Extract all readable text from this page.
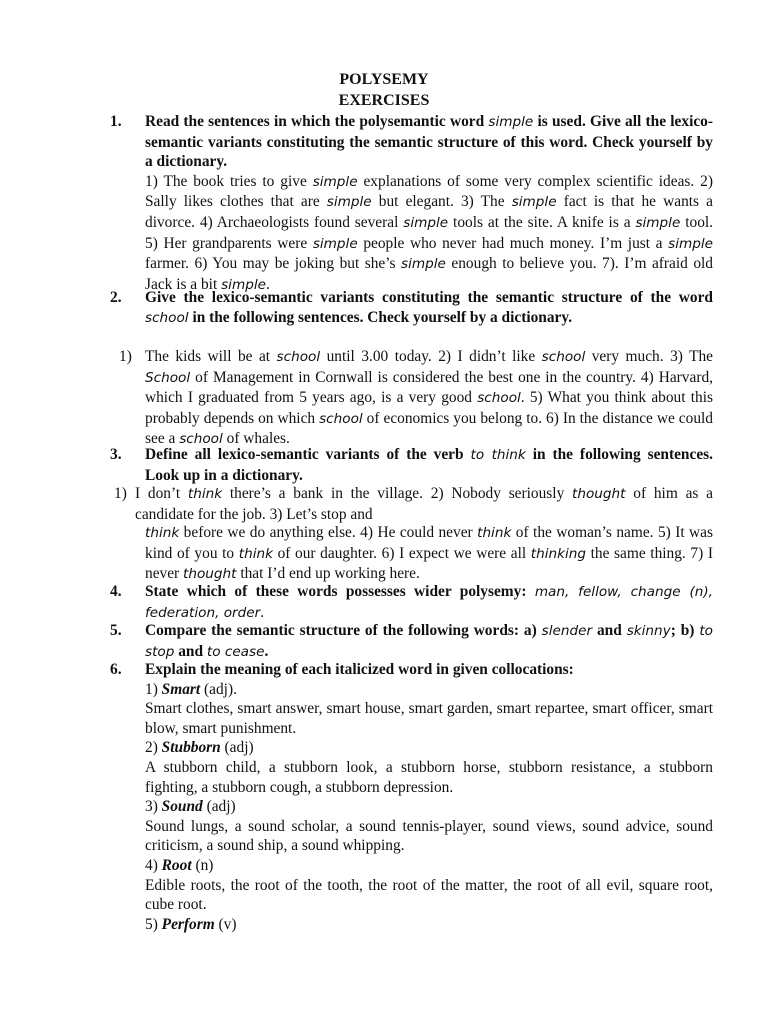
POLYSEMY
EXERCISES
1. Read the sentences in which the polysemantic word simple is used. Give all the lexico-semantic variants constituting the semantic structure of this word. Check yourself by a dictionary.

1) The book tries to give simple explanations of some very complex scientific ideas. 2) Sally likes clothes that are simple but elegant. 3) The simple fact is that he wants a divorce. 4) Archaeologists found several simple tools at the site. A knife is a simple tool. 5) Her grandparents were simple people who never had much money. I’m just a simple farmer. 6) You may be joking but she’s simple enough to believe you. 7). I’m afraid old Jack is a bit simple.

2. Give the lexico-semantic variants constituting the semantic structure of the word school in the following sentences. Check yourself by a dictionary.

1) The kids will be at school until 3.00 today. 2) I didn’t like school very much. 3) The School of Management in Cornwall is considered the best one in the country. 4) Harvard, which I graduated from 5 years ago, is a very good school. 5) What you think about this probably depends on which school of economics you belong to. 6) In the distance we could see a school of whales.

3. Define all lexico-semantic variants of the verb to think in the following sentences. Look up in a dictionary.

1) I don’t think there’s a bank in the village. 2) Nobody seriously thought of him as a candidate for the job. 3) Let’s stop and

think before we do anything else. 4) He could never think of the woman’s name. 5) It was kind of you to think of our daughter. 6) I expect we were all thinking the same thing. 7) I never thought that I’d end up working here.

4. State which of these words possesses wider polysemy: man, fellow, change (n), federation, order.

5. Compare the semantic structure of the following words: a) slender and skinny; b) to stop and to cease.

6. Explain the meaning of each italicized word in given collocations:

1) Smart (adj).

Smart clothes, smart answer, smart house, smart garden, smart repartee, smart officer, smart blow, smart punishment.

2) Stubborn (adj)

A stubborn child, a stubborn look, a stubborn horse, stubborn resistance, a stubborn fighting, a stubborn cough, a stubborn depression.

3) Sound (adj)

Sound lungs, a sound scholar, a sound tennis-player, sound views, sound advice, sound criticism, a sound ship, a sound whipping.

4) Root (n)

Edible roots, the root of the tooth, the root of the matter, the root of all evil, square root, cube root.

5) Perform (v)
